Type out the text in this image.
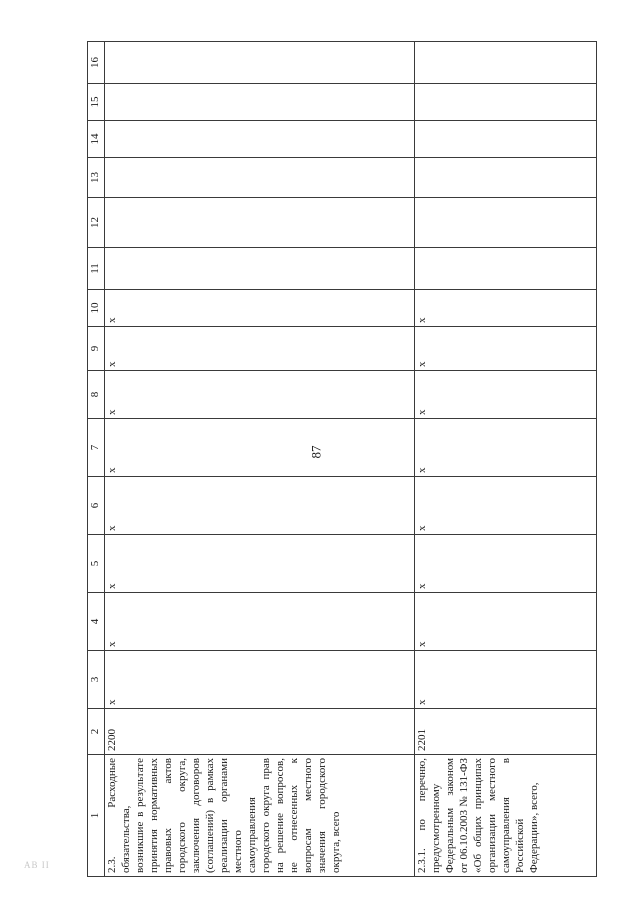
87
1	2	3	4	5	6	7	8	9	10	11	12	13	14	15	16
2.3. Расходные обязательства, возникшие в результате принятия нормативных правовых актов городского округа, заключения договоров (соглашений) в рамках реализации органами местного самоуправления городского округа прав на решение вопросов, не отнесенных к вопросам местного значения городского округа, всего	2200	x	x	x	x	x	x	x	x						
2.3.1. по перечню, предусмотренному Федеральным законом от 06.10.2003 № 131-ФЗ «Об общих принципах организации местного самоуправления в Российской Федерации», всего,	2201	x	x	x	x	x	x	x	x						
AB II
